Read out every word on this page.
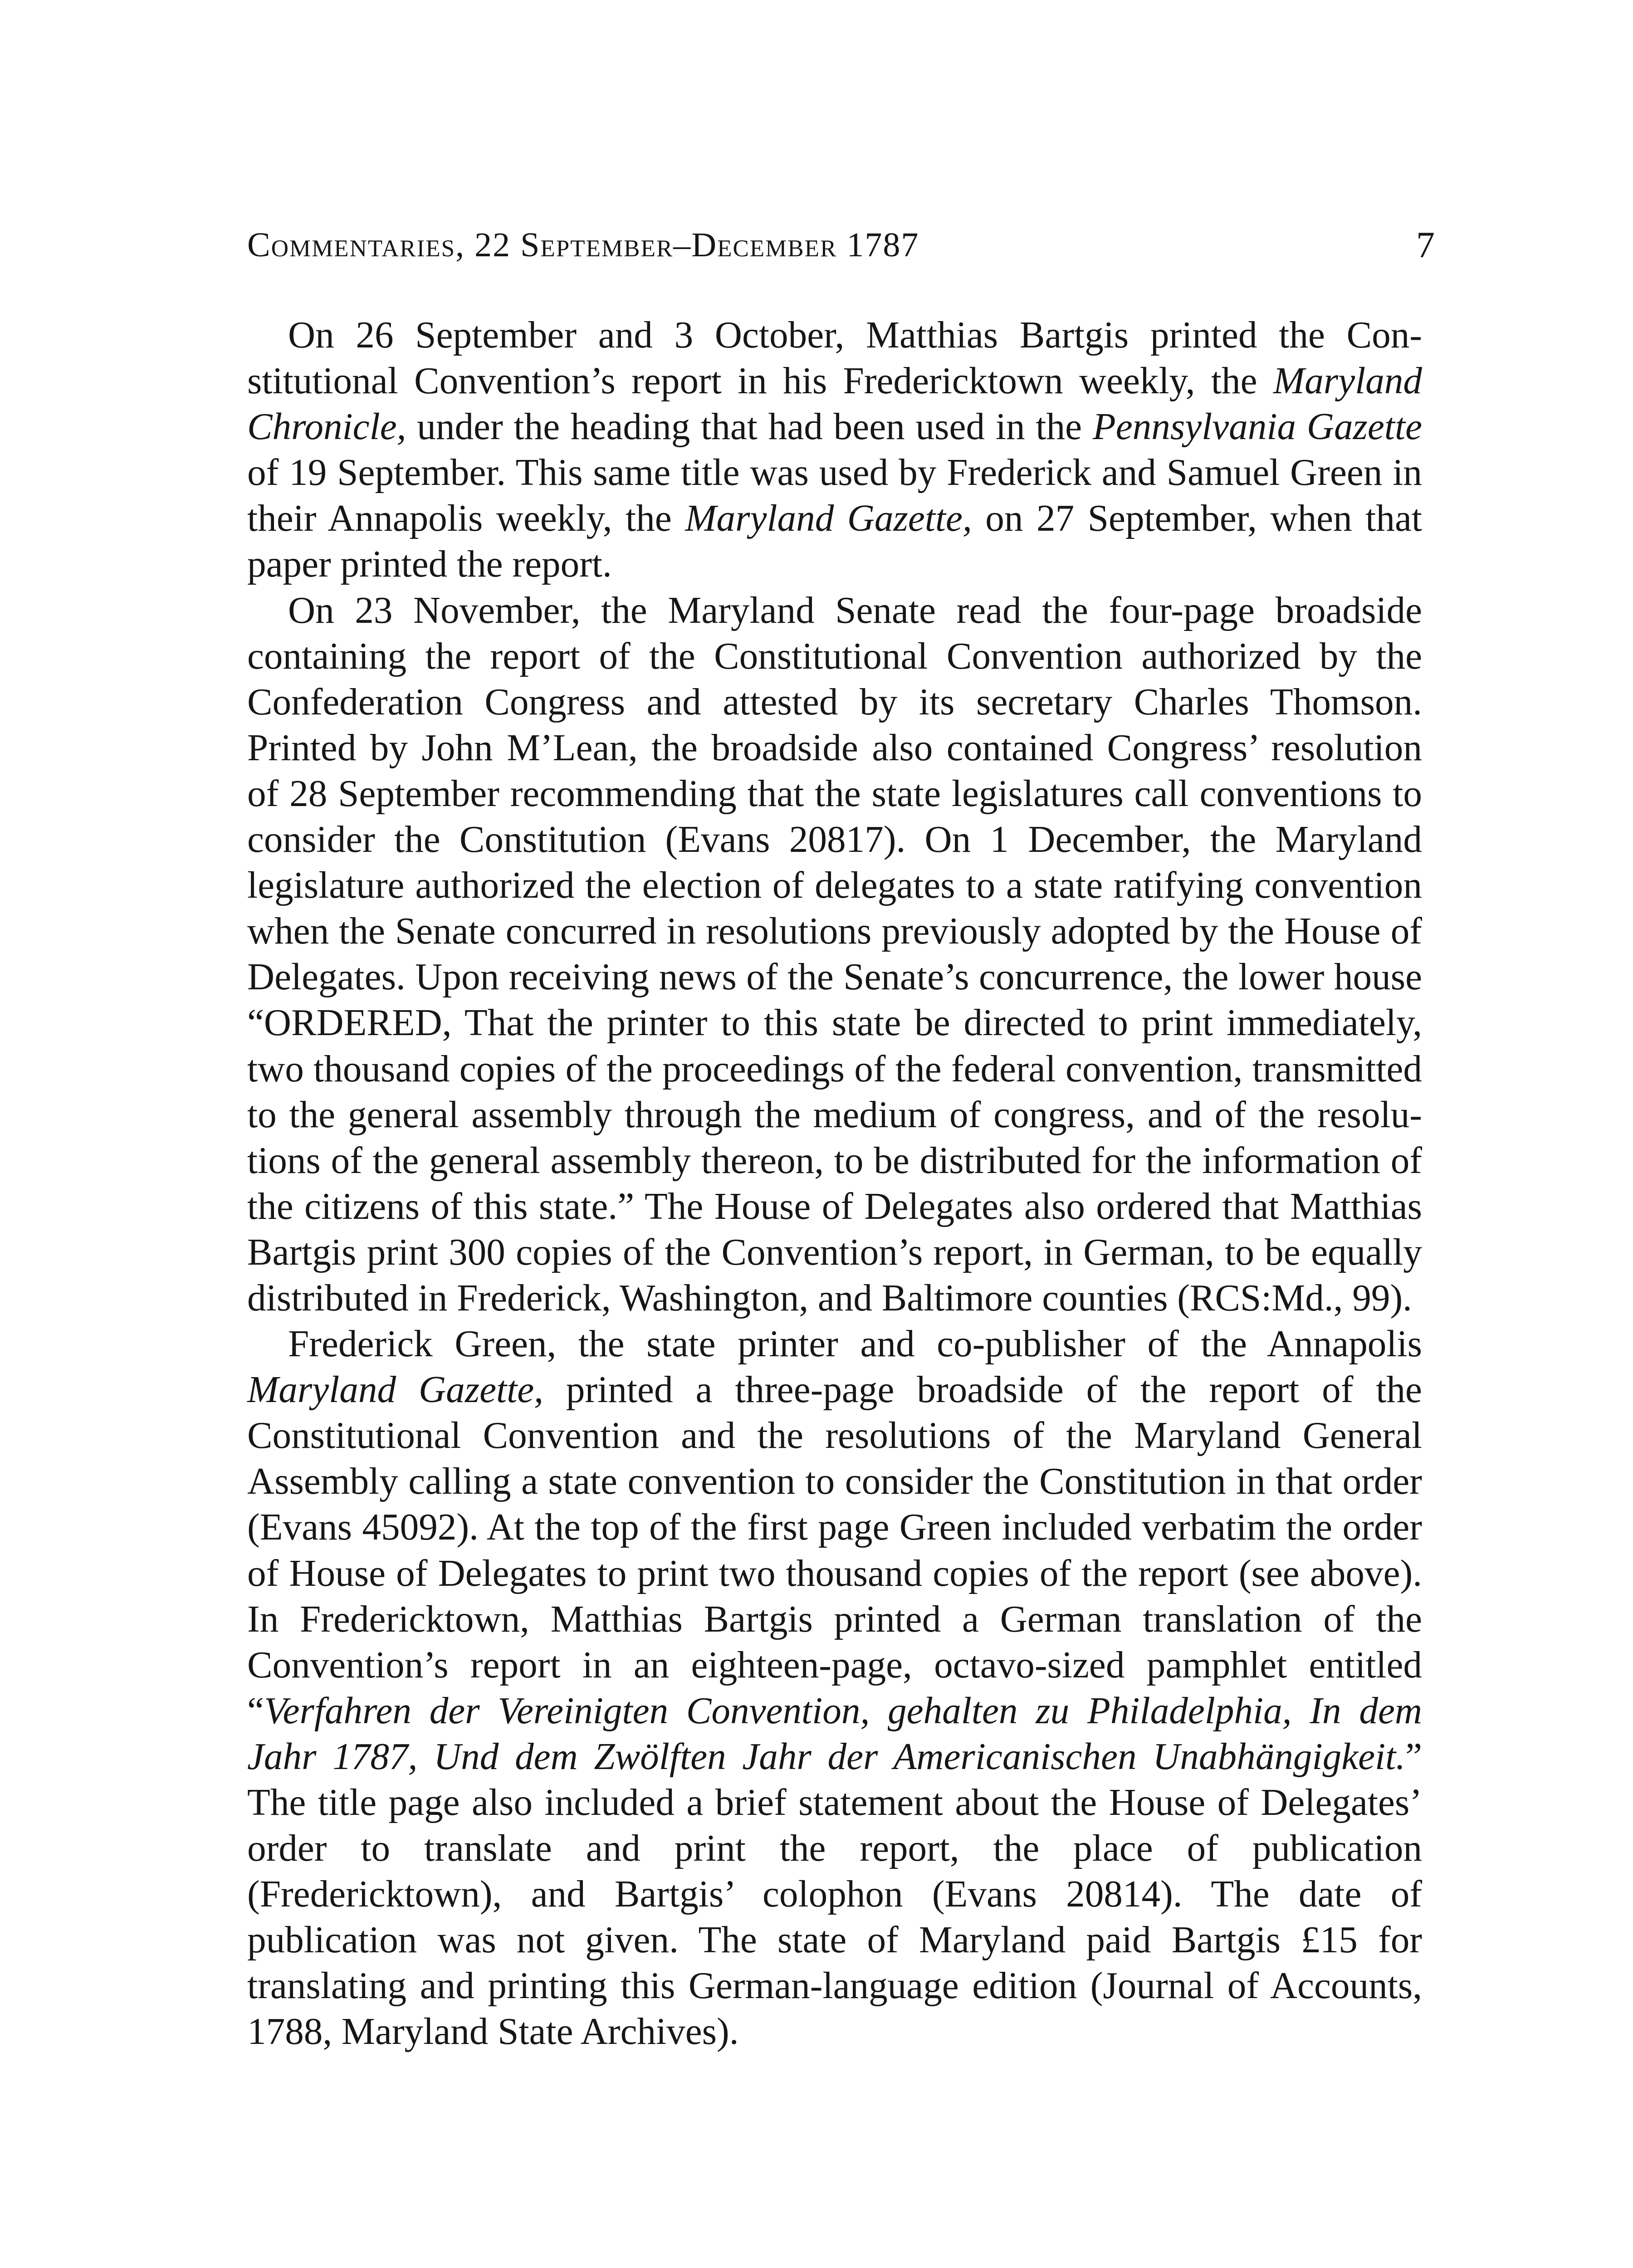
Commentaries, 22 September–December 1787	7

On 26 September and 3 October, Matthias Bartgis printed the Constitutional Convention’s report in his Fredericktown weekly, the Maryland Chronicle, under the heading that had been used in the Pennsylvania Gazette of 19 September. This same title was used by Frederick and Samuel Green in their Annapolis weekly, the Maryland Gazette, on 27 September, when that paper printed the report.

On 23 November, the Maryland Senate read the four-page broadside containing the report of the Constitutional Convention authorized by the Confederation Congress and attested by its secretary Charles Thomson. Printed by John M’Lean, the broadside also contained Congress’ resolution of 28 September recommending that the state legislatures call conventions to consider the Constitution (Evans 20817). On 1 December, the Maryland legislature authorized the election of delegates to a state ratifying convention when the Senate concurred in resolutions previously adopted by the House of Delegates. Upon receiving news of the Senate’s concurrence, the lower house “ORDERED, That the printer to this state be directed to print immediately, two thousand copies of the proceedings of the federal convention, transmitted to the general assembly through the medium of congress, and of the resolutions of the general assembly thereon, to be distributed for the information of the citizens of this state.” The House of Delegates also ordered that Matthias Bartgis print 300 copies of the Convention’s report, in German, to be equally distributed in Frederick, Washington, and Baltimore counties (RCS:Md., 99).

Frederick Green, the state printer and co-publisher of the Annapolis Maryland Gazette, printed a three-page broadside of the report of the Constitutional Convention and the resolutions of the Maryland General Assembly calling a state convention to consider the Constitution in that order (Evans 45092). At the top of the first page Green included verbatim the order of House of Delegates to print two thousand copies of the report (see above). In Fredericktown, Matthias Bartgis printed a German translation of the Convention’s report in an eighteen-page, octavo-sized pamphlet entitled “Verfahren der Vereinigten Convention, gehalten zu Philadelphia, In dem Jahr 1787, Und dem Zwölften Jahr der Americanischen Unabhängigkeit.” The title page also included a brief statement about the House of Delegates’ order to translate and print the report, the place of publication (Fredericktown), and Bartgis’ colophon (Evans 20814). The date of publication was not given. The state of Maryland paid Bartgis £15 for translating and printing this German-language edition (Journal of Accounts, 1788, Maryland State Archives).
